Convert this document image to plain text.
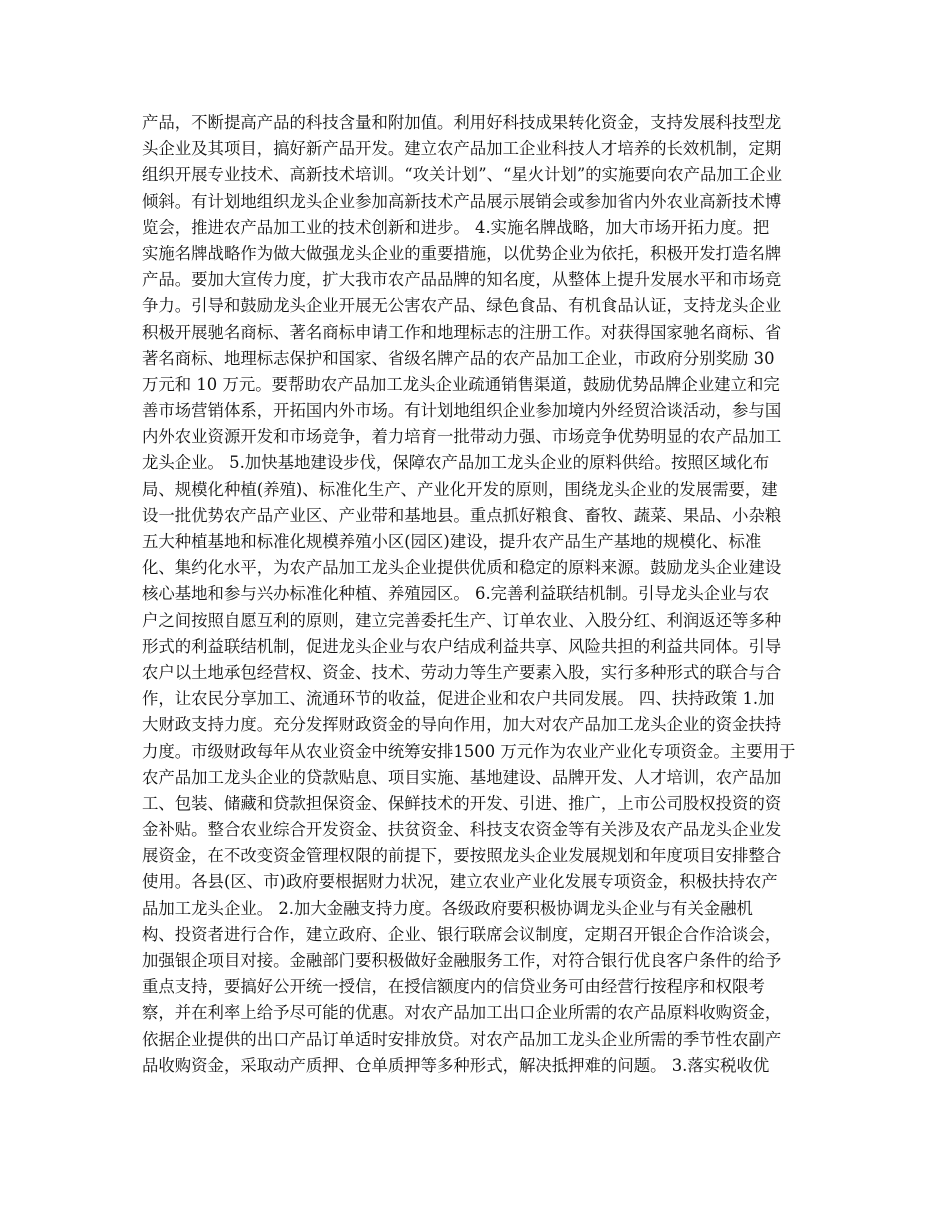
产品，不断提高产品的科技含量和附加值。利用好科技成果转化资金，支持发展科技型龙
头企业及其项目，搞好新产品开发。建立农产品加工企业科技人才培养的长效机制，定期
组织开展专业技术、高新技术培训。“攻关计划”、“星火计划”的实施要向农产品加工企业
倾斜。有计划地组织龙头企业参加高新技术产品展示展销会或参加省内外农业高新技术博
览会，推进农产品加工业的技术创新和进步。 4.实施名牌战略，加大市场开拓力度。把
实施名牌战略作为做大做强龙头企业的重要措施，以优势企业为依托，积极开发打造名牌
产品。要加大宣传力度，扩大我市农产品品牌的知名度，从整体上提升发展水平和市场竞
争力。引导和鼓励龙头企业开展无公害农产品、绿色食品、有机食品认证，支持龙头企业
积极开展驰名商标、著名商标申请工作和地理标志的注册工作。对获得国家驰名商标、省
著名商标、地理标志保护和国家、省级名牌产品的农产品加工企业，市政府分别奖励 30
万元和 10 万元。要帮助农产品加工龙头企业疏通销售渠道，鼓励优势品牌企业建立和完
善市场营销体系，开拓国内外市场。有计划地组织企业参加境内外经贸洽谈活动，参与国
内外农业资源开发和市场竞争，着力培育一批带动力强、市场竞争优势明显的农产品加工
龙头企业。 5.加快基地建设步伐，保障农产品加工龙头企业的原料供给。按照区域化布
局、规模化种植(养殖)、标准化生产、产业化开发的原则，围绕龙头企业的发展需要，建
设一批优势农产品产业区、产业带和基地县。重点抓好粮食、畜牧、蔬菜、果品、小杂粮
五大种植基地和标准化规模养殖小区(园区)建设，提升农产品生产基地的规模化、标准
化、集约化水平，为农产品加工龙头企业提供优质和稳定的原料来源。鼓励龙头企业建设
核心基地和参与兴办标准化种植、养殖园区。 6.完善利益联结机制。引导龙头企业与农
户之间按照自愿互利的原则，建立完善委托生产、订单农业、入股分红、利润返还等多种
形式的利益联结机制，促进龙头企业与农户结成利益共享、风险共担的利益共同体。引导
农户以土地承包经营权、资金、技术、劳动力等生产要素入股，实行多种形式的联合与合
作，让农民分享加工、流通环节的收益，促进企业和农户共同发展。 四、扶持政策 1.加
大财政支持力度。充分发挥财政资金的导向作用，加大对农产品加工龙头企业的资金扶持
力度。市级财政每年从农业资金中统筹安排1500 万元作为农业产业化专项资金。主要用于
农产品加工龙头企业的贷款贴息、项目实施、基地建设、品牌开发、人才培训，农产品加
工、包装、储藏和贷款担保资金、保鲜技术的开发、引进、推广，上市公司股权投资的资
金补贴。整合农业综合开发资金、扶贫资金、科技支农资金等有关涉及农产品龙头企业发
展资金，在不改变资金管理权限的前提下，要按照龙头企业发展规划和年度项目安排整合
使用。各县(区、市)政府要根据财力状况，建立农业产业化发展专项资金，积极扶持农产
品加工龙头企业。 2.加大金融支持力度。各级政府要积极协调龙头企业与有关金融机
构、投资者进行合作，建立政府、企业、银行联席会议制度，定期召开银企合作洽谈会，
加强银企项目对接。金融部门要积极做好金融服务工作，对符合银行优良客户条件的给予
重点支持，要搞好公开统一授信，在授信额度内的信贷业务可由经营行按程序和权限考
察，并在利率上给予尽可能的优惠。对农产品加工出口企业所需的农产品原料收购资金，
依据企业提供的出口产品订单适时安排放贷。对农产品加工龙头企业所需的季节性农副产
品收购资金，采取动产质押、仓单质押等多种形式，解决抵押难的问题。 3.落实税收优
